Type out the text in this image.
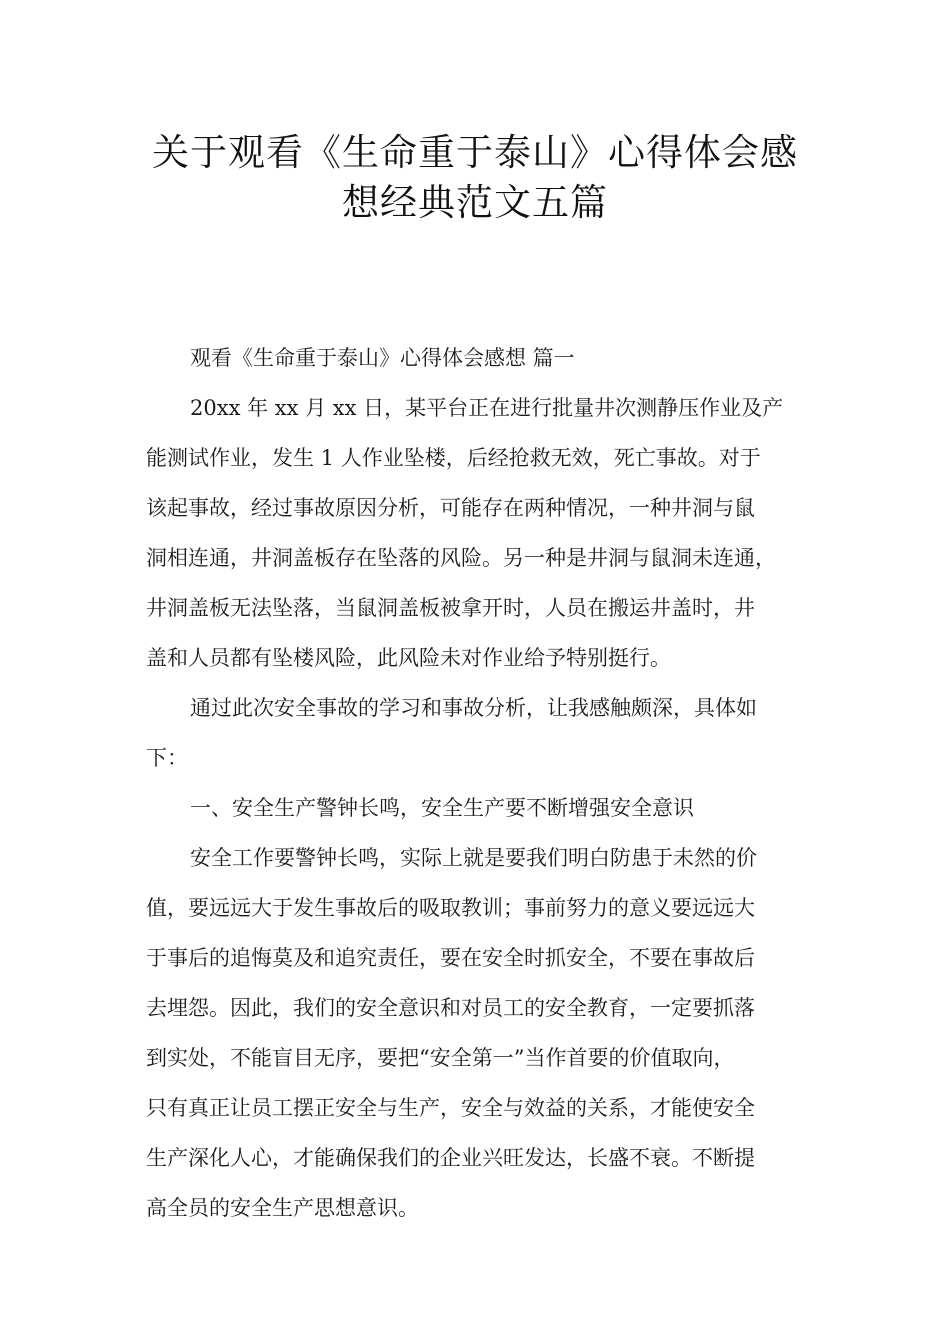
关于观看《生命重于泰山》心得体会感
想经典范文五篇
观看《生命重于泰山》心得体会感想 篇一
20xx 年 xx 月 xx 日，某平台正在进行批量井次测静压作业及产
能测试作业，发生 1 人作业坠楼，后经抢救无效，死亡事故。对于
该起事故，经过事故原因分析，可能存在两种情况，一种井洞与鼠
洞相连通，井洞盖板存在坠落的风险。另一种是井洞与鼠洞未连通，
井洞盖板无法坠落，当鼠洞盖板被拿开时，人员在搬运井盖时，井
盖和人员都有坠楼风险，此风险未对作业给予特别挺行。
通过此次安全事故的学习和事故分析，让我感触颇深，具体如
下：
一、安全生产警钟长鸣，安全生产要不断增强安全意识
安全工作要警钟长鸣，实际上就是要我们明白防患于未然的价
值，要远远大于发生事故后的吸取教训；事前努力的意义要远远大
于事后的追悔莫及和追究责任，要在安全时抓安全，不要在事故后
去埋怨。因此，我们的安全意识和对员工的安全教育，一定要抓落
到实处，不能盲目无序，要把“安全第一”当作首要的价值取向，
只有真正让员工摆正安全与生产，安全与效益的关系，才能使安全
生产深化人心，才能确保我们的企业兴旺发达，长盛不衰。不断提
高全员的安全生产思想意识。
